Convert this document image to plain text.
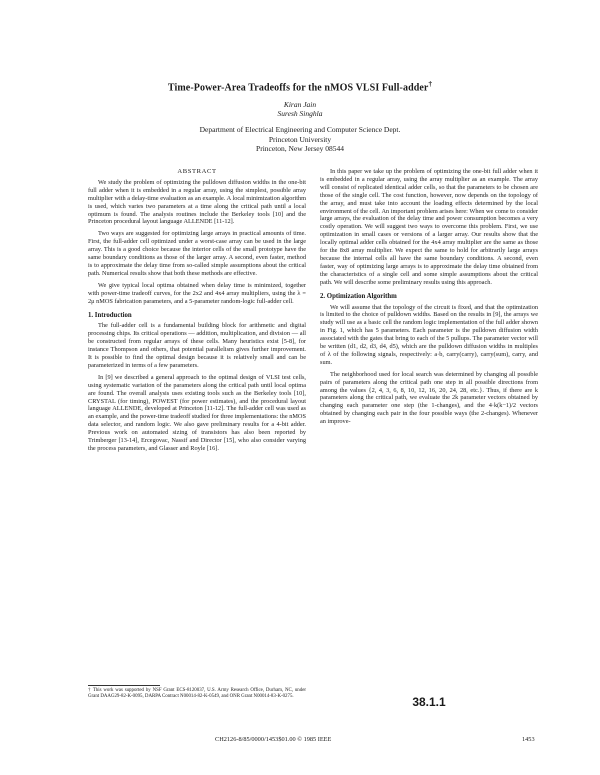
Time-Power-Area Tradeoffs for the nMOS VLSI Full-adder†
Kiran Jain
Suresh Singhla
Department of Electrical Engineering and Computer Science Dept.
Princeton University
Princeton, New Jersey 08544
ABSTRACT

We study the problem of optimizing the pulldown diffusion widths in the one-bit full adder when it is embedded in a regular array, using the simplest, possible array multiplier with a delay-time evaluation as an example. A local minimization algorithm is used, which varies two parameters at a time along the critical path until a local optimum is found. The analysis routines include the Berkeley tools [10] and the Princeton procedural layout language ALLENDE [11-12].

Two ways are suggested for optimizing large arrays in practical amounts of time. First, the full-adder cell optimized under a worst-case array can be used in the large array. This is a good choice because the interior cells of the small prototype have the same boundary conditions as those of the larger array. A second, even faster, method is to approximate the delay time from so-called simple assumptions about the critical path. Numerical results show that both these methods are effective.

We give typical local optima obtained when delay time is minimized, together with power-time tradeoff curves, for the 2x2 and 4x4 array multipliers, using the λ = 2μ nMOS fabrication parameters, and a 5-parameter random-logic full-adder cell.

1. Introduction

The full-adder cell is a fundamental building block for arithmetic and digital processing chips. Its critical operations — addition, multiplication, and division — all be constructed from regular arrays of these cells. Many heuristics exist [5-8], for instance Thompson and others, that potential parallelism gives further improvement. It is possible to find the optimal design because it is relatively small and can be parameterized in terms of a few parameters.

In [9] we described a general approach to the optimal design of VLSI test cells, using systematic variation of the parameters along the critical path until local optima are found. The overall analysis uses existing tools such as the Berkeley tools [10], CRYSTAL (for timing), POWEST (for power estimates), and the procedural layout language ALLENDE, developed at Princeton [11-12]. The full-adder cell was used as an example, and the power-time tradeoff studied for three implementations: the nMOS data selector, and random logic. We also gave preliminary results for a 4-bit adder. Previous work on automated sizing of transistors has also been reported by Trimberger [13-14], Ercegovac, Nassif and Director [15], who also consider varying the process parameters, and Glasser and Royle [16].

In this paper we take up the problem of optimizing the one-bit full adder when it is embedded in a regular array, using the array multiplier as an example. The array will consist of replicated identical adder cells, so that the parameters to be chosen are those of the single cell. The cost function, however, now depends on the topology of the array, and must take into account the loading effects determined by the local environment of the cell. An important problem arises here: When we come to consider large arrays, the evaluation of the delay time and power consumption becomes a very costly operation. We will suggest two ways to overcome this problem. First, we use optimization in small cases or versions of a larger array. Our results show that the locally optimal adder cells obtained for the 4x4 array multiplier are the same as those for the 8x8 array multiplier. We expect the same to hold for arbitrarily large arrays because the internal cells all have the same boundary conditions. A second, even faster, way of optimizing large arrays is to approximate the delay time obtained from the characteristics of a single cell and some simple assumptions about the critical path. We will describe some preliminary results using this approach.

2. Optimization Algorithm

We will assume that the topology of the circuit is fixed, and that the optimization is limited to the choice of pulldown widths. Based on the results in [9], the arrays we study will use as a basic cell the random logic implementation of the full adder shown in Fig. 1, which has 5 parameters. Each parameter is the pulldown diffusion width associated with the gates that bring to each of the 5 pullups. The parameter vector will be written (d1, d2, d3, d4, d5), which are the pulldown diffusion widths in multiples of λ of the following signals, respectively: a·b, carry(carry), carry(sum), carry, and sum.

The neighborhood used for local search was determined by changing all possible pairs of parameters along the critical path one step in all possible directions from among the values {2, 4, 3, 6, 8, 10, 12, 16, 20, 24, 28, etc.}. Thus, if there are k parameters along the critical path, we evaluate the 2k parameter vectors obtained by changing each parameter one step (the 1-changes), and the 4·k(k−1)/2 vectors obtained by changing each pair in the four possible ways (the 2-changes). Whenever an improve-

† This work was supported by NSF Grant ECS-8120037, U.S. Army Research Office, Durham, NC, under Grant DAAG29-82-K-0095, DARPA Contract N00014-82-K-0549, and ONR Grant N00014-83-K-0275.	38.1.1
CH2126-8/85/0000/1453$01.00 © 1985 IEEE	1453
